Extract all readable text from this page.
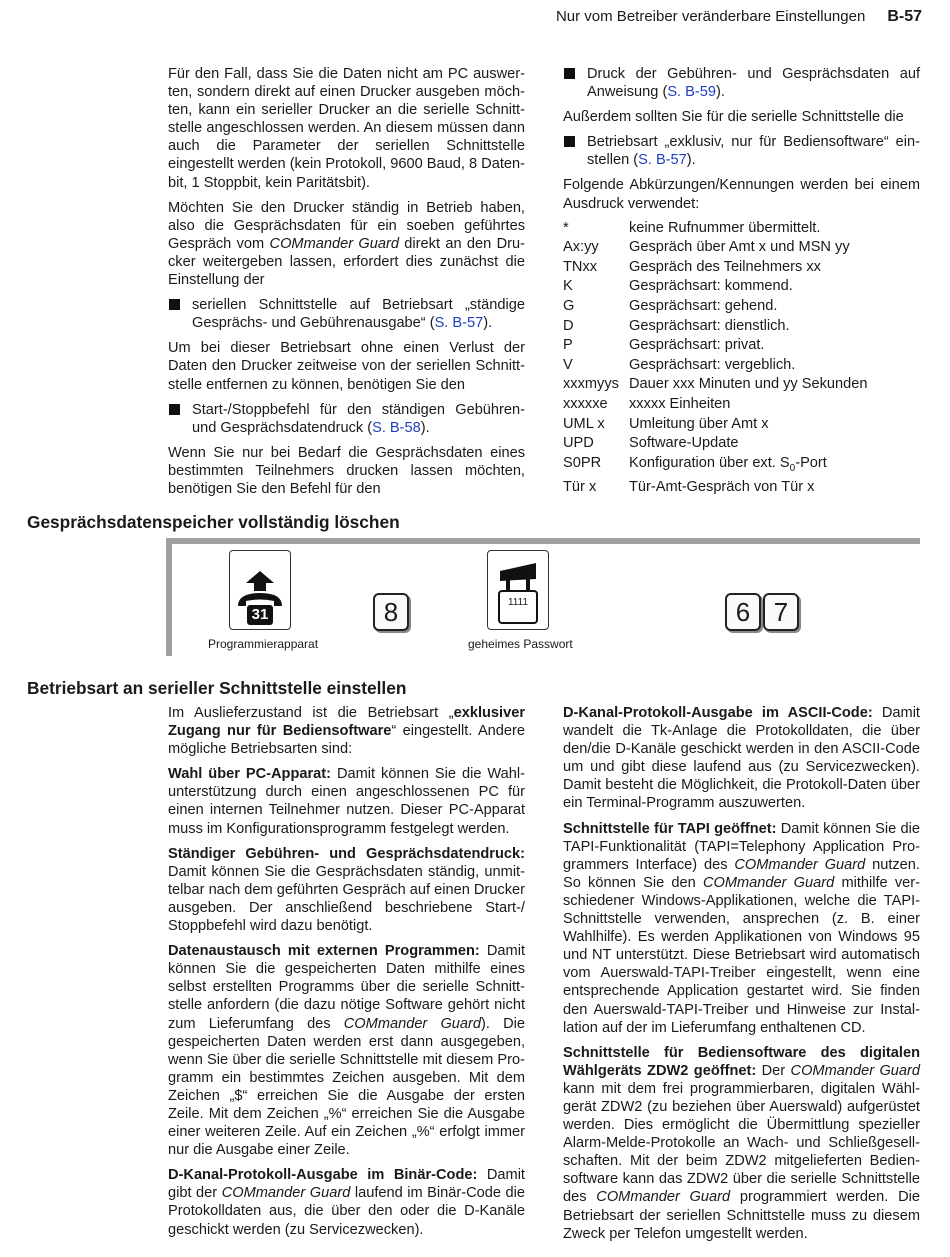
Nur vom Betreiber veränderbare Einstellungen B-57

Für den Fall, dass Sie die Daten nicht am PC auswerten, sondern direkt auf einen Drucker ausgeben möchten, kann ein serieller Drucker an die serielle Schnittstelle angeschlossen werden. An diesem müssen dann auch die Parameter der seriellen Schnittstelle eingestellt werden (kein Protokoll, 9600 Baud, 8 Datenbit, 1 Stoppbit, kein Paritätsbit).

Möchten Sie den Drucker ständig in Betrieb haben, also die Gesprächsdaten für ein soeben geführtes Gespräch vom COMmander Guard direkt an den Drucker weitergeben lassen, erfordert dies zunächst die Einstellung der

seriellen Schnittstelle auf Betriebsart „ständige Gesprächs- und Gebührenausgabe“ (S. B-57).

Um bei dieser Betriebsart ohne einen Verlust der Daten den Drucker zeitweise von der seriellen Schnittstelle entfernen zu können, benötigen Sie den

Start-/Stoppbefehl für den ständigen Gebühren- und Gesprächsdatendruck (S. B-58).

Wenn Sie nur bei Bedarf die Gesprächsdaten eines bestimmten Teilnehmers drucken lassen möchten, benötigen Sie den Befehl für den

Druck der Gebühren- und Gesprächsdaten auf Anweisung (S. B-59).

Außerdem sollten Sie für die serielle Schnittstelle die

Betriebsart „exklusiv, nur für Bediensoftware“ einstellen (S. B-57).

Folgende Abkürzungen/Kennungen werden bei einem Ausdruck verwendet:

*	keine Rufnummer übermittelt.
Ax:yy	Gespräch über Amt x und MSN yy
TNxx	Gespräch des Teilnehmers xx
K	Gesprächsart: kommend.
G	Gesprächsart: gehend.
D	Gesprächsart: dienstlich.
P	Gesprächsart: privat.
V	Gesprächsart: vergeblich.
xxxmyys	Dauer xxx Minuten und yy Sekunden
xxxxxe	xxxxx Einheiten
UML x	Umleitung über Amt x
UPD	Software-Update
S0PR	Konfiguration über ext. $S_0$-Port
Tür x	Tür-Amt-Gespräch von Tür x
Gesprächsdatenspeicher vollständig löschen
31	8	1111	6 7
Programmierapparat	geheimes Passwort
Betriebsart an serieller Schnittstelle einstellen

Im Auslieferzustand ist die Betriebsart „exklusiver Zugang nur für Bediensoftware“ eingestellt. Andere mögliche Betriebsarten sind:

Wahl über PC-Apparat: Damit können Sie die Wahlunterstützung durch einen angeschlossenen PC für einen internen Teilnehmer nutzen. Dieser PC-Apparat muss im Konfigurationsprogramm festgelegt werden.

Ständiger Gebühren- und Gesprächsdatendruck: Damit können Sie die Gesprächsdaten ständig, unmittelbar nach dem geführten Gespräch auf einen Drucker ausgeben. Der anschließend beschriebene Start-/ Stoppbefehl wird dazu benötigt.

Datenaustausch mit externen Programmen: Damit können Sie die gespeicherten Daten mithilfe eines selbst erstellten Programms über die serielle Schnittstelle anfordern (die dazu nötige Software gehört nicht zum Lieferumfang des COMmander Guard). Die gespeicherten Daten werden erst dann ausgegeben, wenn Sie über die serielle Schnittstelle mit diesem Programm ein bestimmtes Zeichen ausgeben. Mit dem Zeichen „$“ erreichen Sie die Ausgabe der ersten Zeile. Mit dem Zeichen „%“ erreichen Sie die Ausgabe einer weiteren Zeile. Auf ein Zeichen „%“ erfolgt immer nur die Ausgabe einer Zeile.

D-Kanal-Protokoll-Ausgabe im Binär-Code: Damit gibt der COMmander Guard laufend im Binär-Code die Protokolldaten aus, die über den oder die D-Kanäle geschickt werden (zu Servicezwecken).

D-Kanal-Protokoll-Ausgabe im ASCII-Code: Damit wandelt die Tk-Anlage die Protokolldaten, die über den/die D-Kanäle geschickt werden in den ASCII-Code um und gibt diese laufend aus (zu Servicezwecken). Damit besteht die Möglichkeit, die Protokoll-Daten über ein Terminal-Programm auszuwerten.

Schnittstelle für TAPI geöffnet: Damit können Sie die TAPI-Funktionalität (TAPI=Telephony Application Programmers Interface) des COMmander Guard nutzen. So können Sie den COMmander Guard mithilfe verschiedener Windows-Applikationen, welche die TAPI-Schnittstelle verwenden, ansprechen (z. B. einer Wahlhilfe). Es werden Applikationen von Windows 95 und NT unterstützt. Diese Betriebsart wird automatisch vom Auerswald-TAPI-Treiber eingestellt, wenn eine entsprechende Application gestartet wird. Sie finden den Auerswald-TAPI-Treiber und Hinweise zur Installation auf der im Lieferumfang enthaltenen CD.

Schnittstelle für Bediensoftware des digitalen Wählgeräts ZDW2 geöffnet: Der COMmander Guard kann mit dem frei programmierbaren, digitalen Wählgerät ZDW2 (zu beziehen über Auerswald) aufgerüstet werden. Dies ermöglicht die Übermittlung spezieller Alarm-Melde-Protokolle an Wach- und Schließgesellschaften. Mit der beim ZDW2 mitgelieferten Bediensoftware kann das ZDW2 über die serielle Schnittstelle des COMmander Guard programmiert werden. Die Betriebsart der seriellen Schnittstelle muss zu diesem Zweck per Telefon umgestellt werden.
